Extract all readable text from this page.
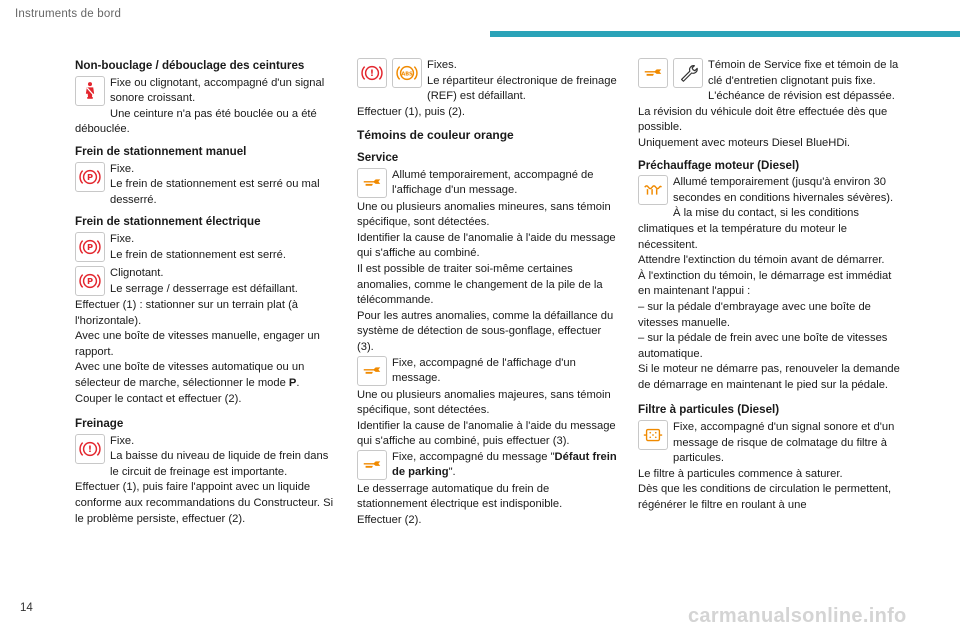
Instruments de bord
Non-bouclage / débouclage des ceintures

Fixe ou clignotant, accompagné d'un signal sonore croissant.

Une ceinture n'a pas été bouclée ou a été débouclée.

Frein de stationnement manuel
P

Fixe.

Le frein de stationnement est serré ou mal desserré.

Frein de stationnement électrique
P

Fixe.

Le frein de stationnement est serré.

P

Clignotant.

Le serrage / desserrage est défaillant.

Effectuer (1) : stationner sur un terrain plat (à l'horizontale).

Avec une boîte de vitesses manuelle, engager un rapport.

Avec une boîte de vitesses automatique ou un sélecteur de marche, sélectionner le mode P.

Couper le contact et effectuer (2).

Freinage
!

Fixe.

La baisse du niveau de liquide de frein dans le circuit de freinage est importante.

Effectuer (1), puis faire l'appoint avec un liquide conforme aux recommandations du Constructeur. Si le problème persiste, effectuer (2).

!	ABS

Fixes.

Le répartiteur électronique de freinage (REF) est défaillant.

Effectuer (1), puis (2).

Témoins de couleur orange
Service

Allumé temporairement, accompagné de l'affichage d'un message.

Une ou plusieurs anomalies mineures, sans témoin spécifique, sont détectées.

Identifier la cause de l'anomalie à l'aide du message qui s'affiche au combiné.

Il est possible de traiter soi-même certaines anomalies, comme le changement de la pile de la télécommande.

Pour les autres anomalies, comme la défaillance du système de détection de sous-gonflage, effectuer (3).

Fixe, accompagné de l'affichage d'un message.

Une ou plusieurs anomalies majeures, sans témoin spécifique, sont détectées.

Identifier la cause de l'anomalie à l'aide du message qui s'affiche au combiné, puis effectuer (3).

Fixe, accompagné du message "Défaut frein de parking".

Le desserrage automatique du frein de stationnement électrique est indisponible.

Effectuer (2).

Témoin de Service fixe et témoin de la clé d'entretien clignotant puis fixe.

L'échéance de révision est dépassée.

La révision du véhicule doit être effectuée dès que possible.

Uniquement avec moteurs Diesel BlueHDi.

Préchauffage moteur (Diesel)

Allumé temporairement (jusqu'à environ 30 secondes en conditions hivernales sévères).

À la mise du contact, si les conditions climatiques et la température du moteur le nécessitent.

Attendre l'extinction du témoin avant de démarrer.

À l'extinction du témoin, le démarrage est immédiat en maintenant l'appui :

– sur la pédale d'embrayage avec une boîte de vitesses manuelle.

– sur la pédale de frein avec une boîte de vitesses automatique.

Si le moteur ne démarre pas, renouveler la demande de démarrage en maintenant le pied sur la pédale.

Filtre à particules (Diesel)

Fixe, accompagné d'un signal sonore et d'un message de risque de colmatage du filtre à particules.

Le filtre à particules commence à saturer.

Dès que les conditions de circulation le permettent, régénérer le filtre en roulant à une

14	carmanualsonline.info
